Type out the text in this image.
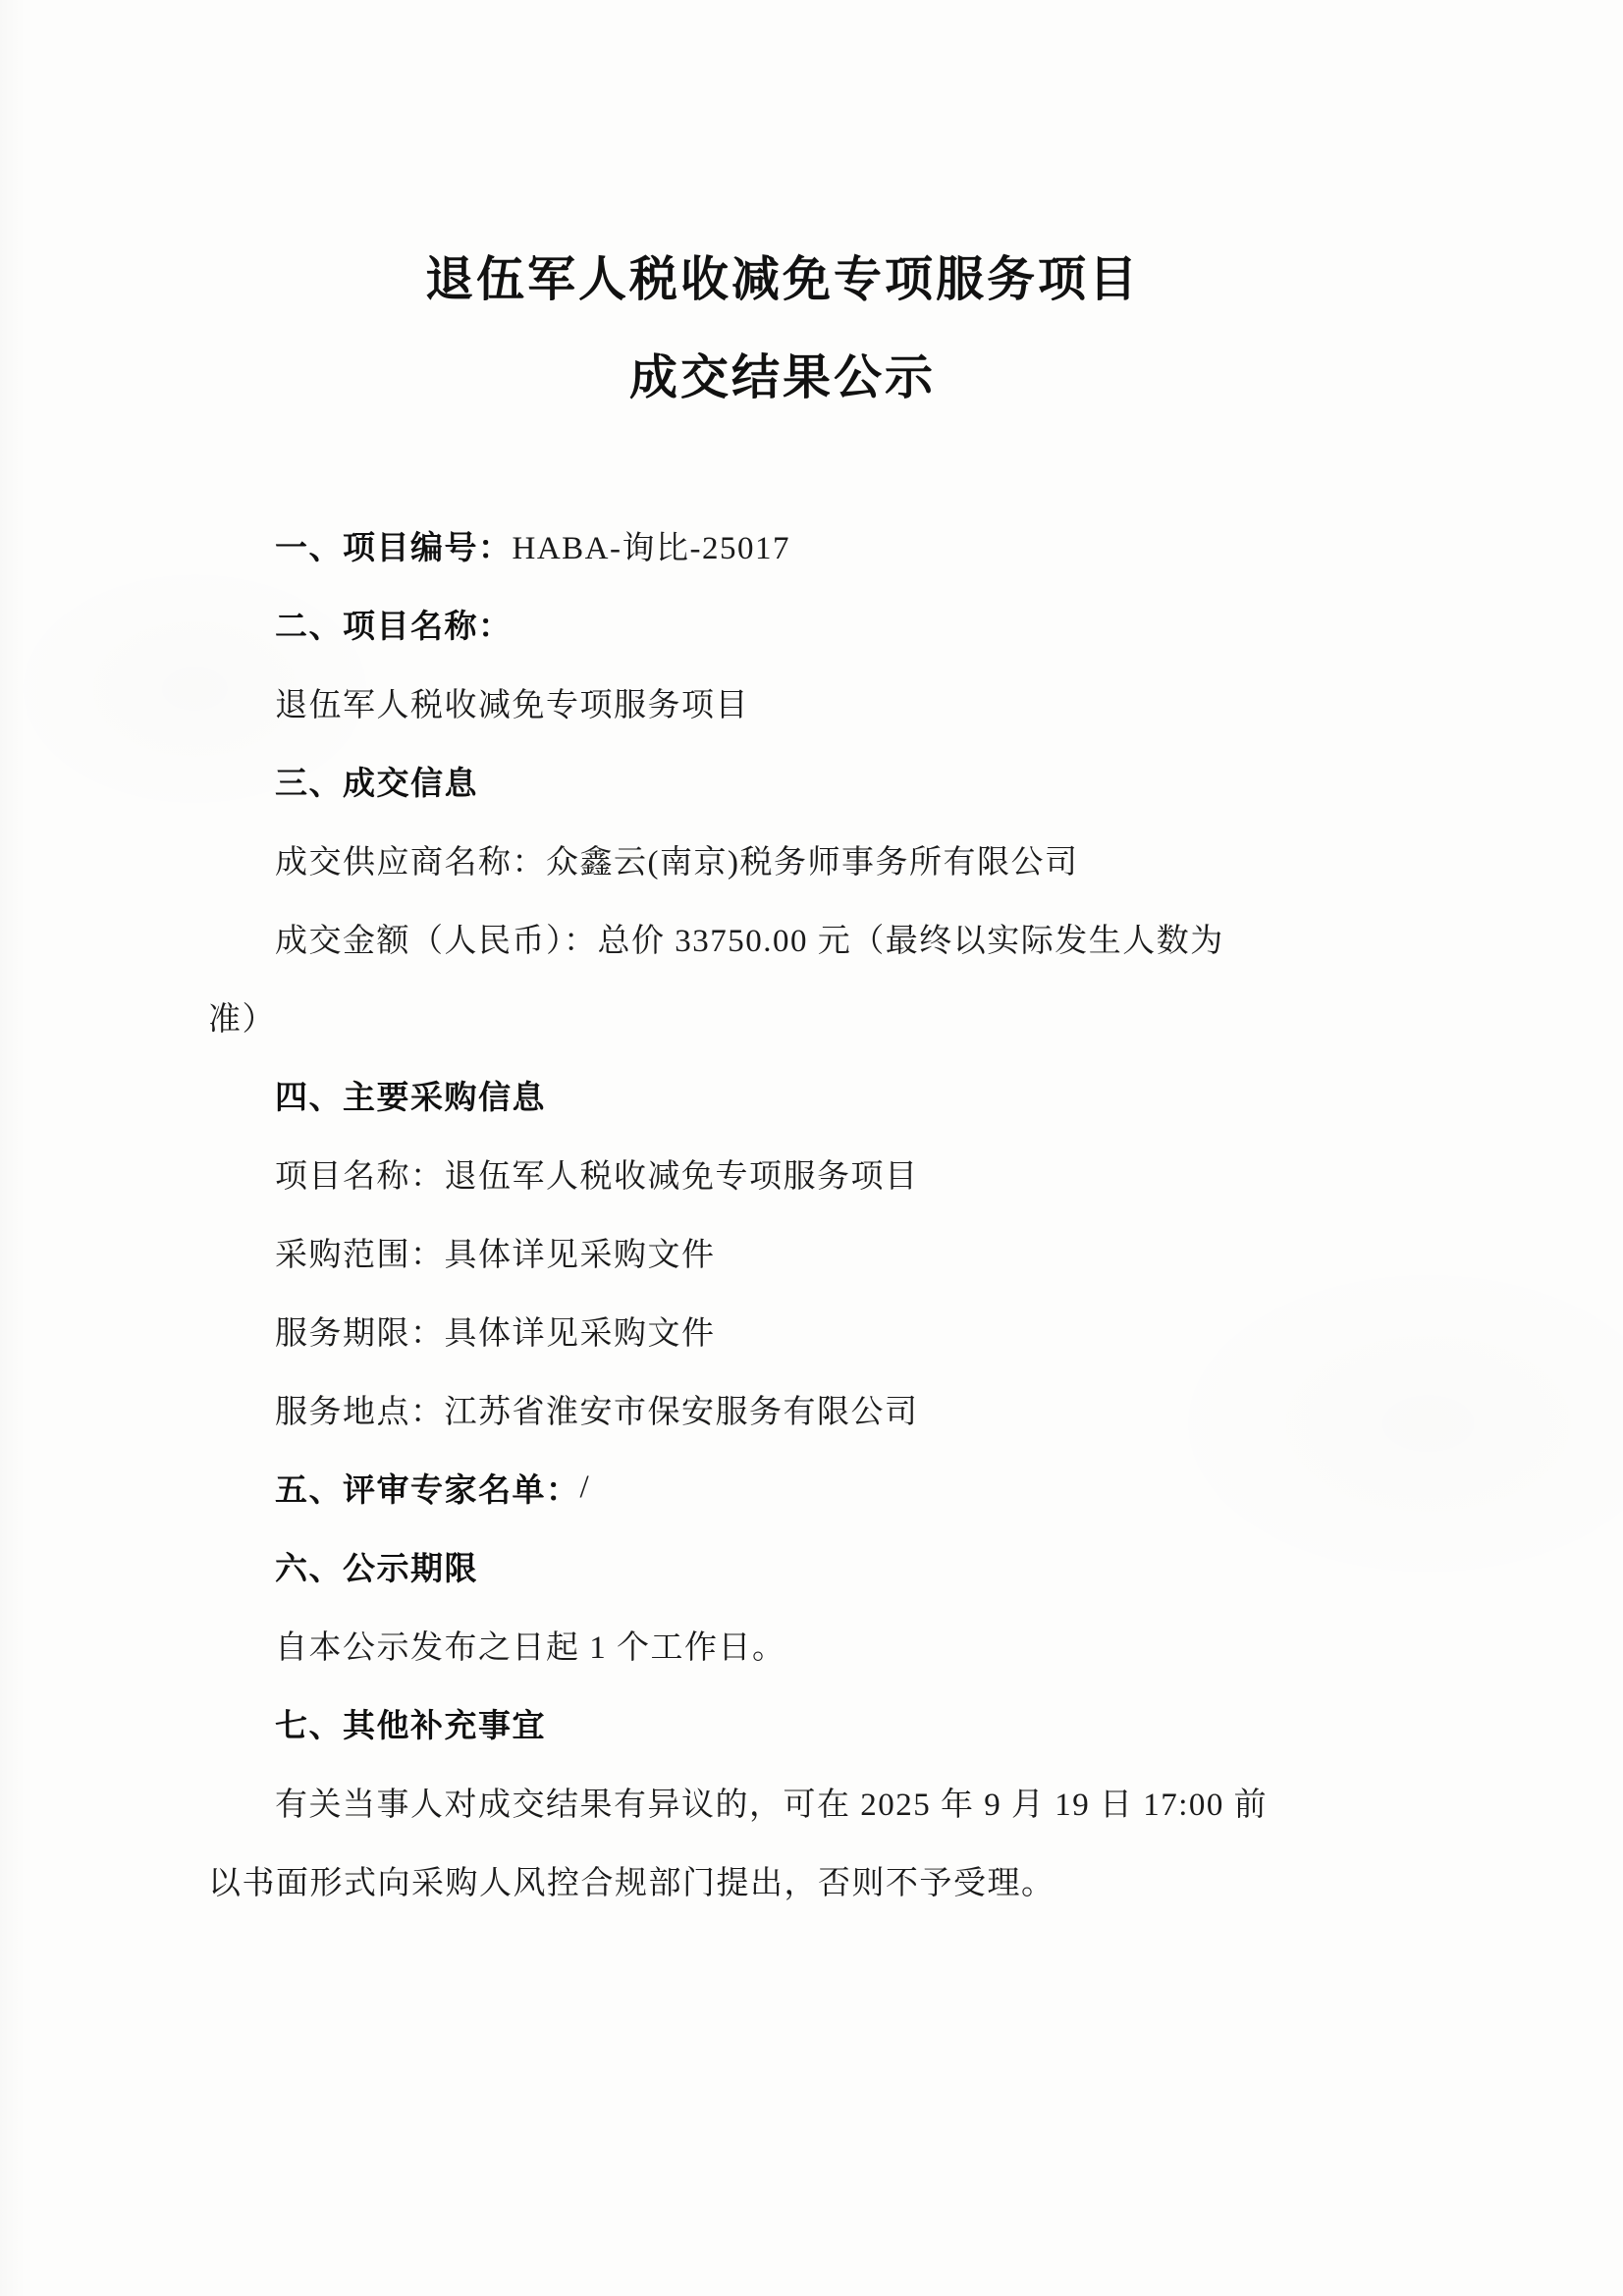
退伍军人税收减免专项服务项目
成交结果公示
一、项目编号： HABA-询比-25017
二、项目名称：
退伍军人税收减免专项服务项目
三、成交信息
成交供应商名称：众鑫云(南京)税务师事务所有限公司
成交金额（人民币）：总价 33750.00 元（最终以实际发生人数为
准）
四、主要采购信息
项目名称：退伍军人税收减免专项服务项目
采购范围：具体详见采购文件
服务期限：具体详见采购文件
服务地点：江苏省淮安市保安服务有限公司
五、评审专家名单： /
六、公示期限
自本公示发布之日起 1 个工作日。
七、其他补充事宜
有关当事人对成交结果有异议的，可在 2025 年 9 月 19 日 17:00 前
以书面形式向采购人风控合规部门提出，否则不予受理。
